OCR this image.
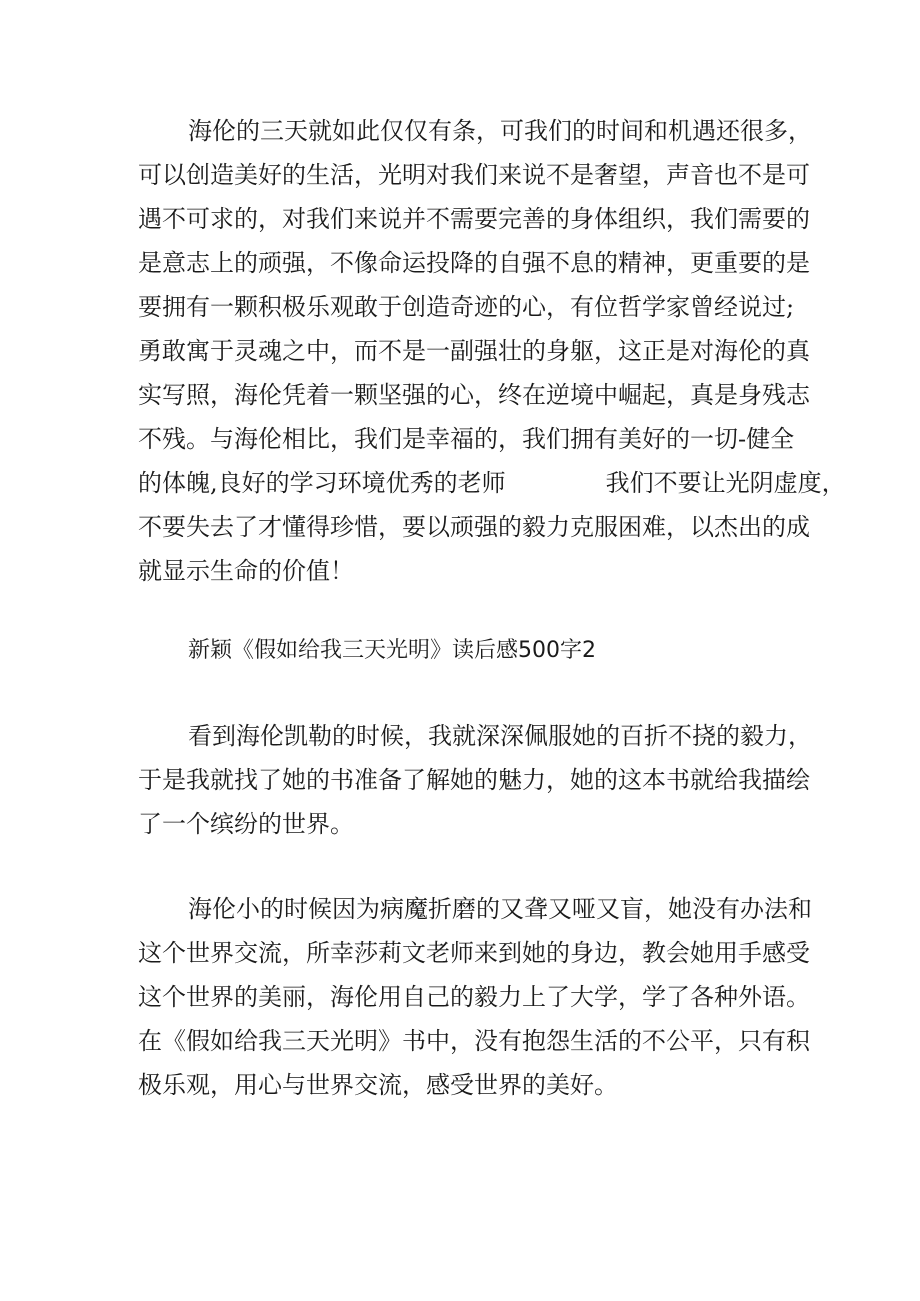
海伦的三天就如此仅仅有条，可我们的时间和机遇还很多，

可以创造美好的生活，光明对我们来说不是奢望，声音也不是可

遇不可求的，对我们来说并不需要完善的身体组织，我们需要的

是意志上的顽强，不像命运投降的自强不息的精神，更重要的是

要拥有一颗积极乐观敢于创造奇迹的心，有位哲学家曾经说过;

勇敢寓于灵魂之中，而不是一副强壮的身躯，这正是对海伦的真

实写照，海伦凭着一颗坚强的心，终在逆境中崛起，真是身残志

不残。与海伦相比，我们是幸福的，我们拥有美好的一切-健全

的体魄,良好的学习环境优秀的老师	我们不要让光阴虚度，

不要失去了才懂得珍惜，要以顽强的毅力克服困难，以杰出的成

就显示生命的价值！

新颖《假如给我三天光明》读后感500字2

看到海伦凯勒的时候，我就深深佩服她的百折不挠的毅力，

于是我就找了她的书准备了解她的魅力，她的这本书就给我描绘

了一个缤纷的世界。

海伦小的时候因为病魔折磨的又聋又哑又盲，她没有办法和

这个世界交流，所幸莎莉文老师来到她的身边，教会她用手感受

这个世界的美丽，海伦用自己的毅力上了大学，学了各种外语。

在《假如给我三天光明》书中，没有抱怨生活的不公平，只有积

极乐观，用心与世界交流，感受世界的美好。
